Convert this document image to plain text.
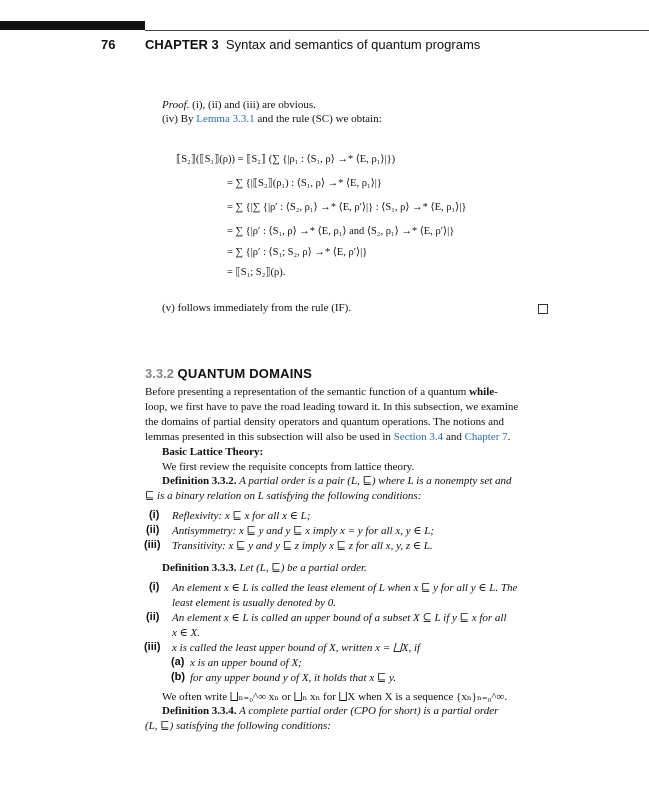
76 CHAPTER 3 Syntax and semantics of quantum programs
Proof. (i), (ii) and (iii) are obvious.
(iv) By Lemma 3.3.1 and the rule (SC) we obtain:
⟦S₂⟧(⟦S₁⟧(ρ)) = ⟦S₂⟧ (∑ {|ρ₁ : ⟨S₁, ρ⟩ →* ⟨E, ρ₁⟩|})
= ∑ {|⟦S₂⟧(ρ₁) : ⟨S₁, ρ⟩ →* ⟨E, ρ₁⟩|}
= ∑ {|∑ {|ρ′ : ⟨S₂, ρ₁⟩ →* ⟨E, ρ′⟩|} : ⟨S₁, ρ⟩ →* ⟨E, ρ₁⟩|}
= ∑ {|ρ′ : ⟨S₁, ρ⟩ →* ⟨E, ρ₁⟩ and ⟨S₂, ρ₁⟩ →* ⟨E, ρ′⟩|}
= ∑ {|ρ′ : ⟨S₁; S₂, ρ⟩ →* ⟨E, ρ′⟩|}
= ⟦S₁; S₂⟧(ρ).
(v) follows immediately from the rule (IF).
3.3.2 QUANTUM DOMAINS
Before presenting a representation of the semantic function of a quantum while-
loop, we first have to pave the road leading toward it. In this subsection, we examine
the domains of partial density operators and quantum operations. The notions and
lemmas presented in this subsection will also be used in Section 3.4 and Chapter 7.
Basic Lattice Theory:
We first review the requisite concepts from lattice theory.
Definition 3.3.2. A partial order is a pair (L, ⊑) where L is a nonempty set and
⊑ is a binary relation on L satisfying the following conditions:
(i) Reflexivity: x ⊑ x for all x ∈ L;
(ii) Antisymmetry: x ⊑ y and y ⊑ x imply x = y for all x, y ∈ L;
(iii) Transitivity: x ⊑ y and y ⊑ z imply x ⊑ z for all x, y, z ∈ L.
Definition 3.3.3. Let (L, ⊑) be a partial order.
(i) An element x ∈ L is called the least element of L when x ⊑ y for all y ∈ L. The
least element is usually denoted by 0.
(ii) An element x ∈ L is called an upper bound of a subset X ⊆ L if y ⊑ x for all
x ∈ X.
(iii) x is called the least upper bound of X, written x = ⨆X, if
(a) x is an upper bound of X;
(b) for any upper bound y of X, it holds that x ⊑ y.
We often write ⨆ₙ₌₀^∞ xₙ or ⨆ₙ xₙ for ⨆X when X is a sequence {xₙ}ₙ₌₀^∞.
Definition 3.3.4. A complete partial order (CPO for short) is a partial order
(L, ⊑) satisfying the following conditions:
